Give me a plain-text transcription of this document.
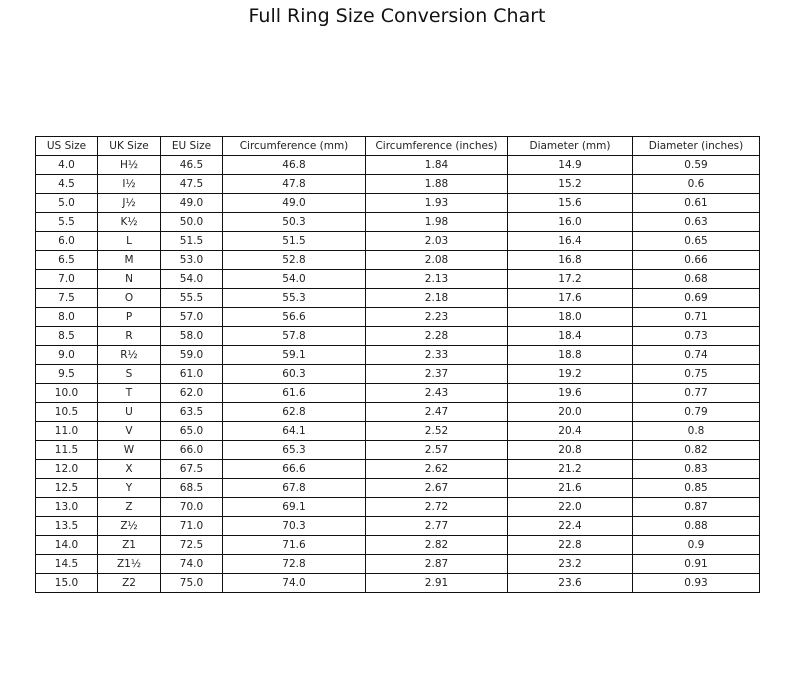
Full Ring Size Conversion Chart
US Size	UK Size	EU Size	Circumference (mm)	Circumference (inches)	Diameter (mm)	Diameter (inches)
4.0	H½	46.5	46.8	1.84	14.9	0.59
4.5	I½	47.5	47.8	1.88	15.2	0.6
5.0	J½	49.0	49.0	1.93	15.6	0.61
5.5	K½	50.0	50.3	1.98	16.0	0.63
6.0	L	51.5	51.5	2.03	16.4	0.65
6.5	M	53.0	52.8	2.08	16.8	0.66
7.0	N	54.0	54.0	2.13	17.2	0.68
7.5	O	55.5	55.3	2.18	17.6	0.69
8.0	P	57.0	56.6	2.23	18.0	0.71
8.5	R	58.0	57.8	2.28	18.4	0.73
9.0	R½	59.0	59.1	2.33	18.8	0.74
9.5	S	61.0	60.3	2.37	19.2	0.75
10.0	T	62.0	61.6	2.43	19.6	0.77
10.5	U	63.5	62.8	2.47	20.0	0.79
11.0	V	65.0	64.1	2.52	20.4	0.8
11.5	W	66.0	65.3	2.57	20.8	0.82
12.0	X	67.5	66.6	2.62	21.2	0.83
12.5	Y	68.5	67.8	2.67	21.6	0.85
13.0	Z	70.0	69.1	2.72	22.0	0.87
13.5	Z½	71.0	70.3	2.77	22.4	0.88
14.0	Z1	72.5	71.6	2.82	22.8	0.9
14.5	Z1½	74.0	72.8	2.87	23.2	0.91
15.0	Z2	75.0	74.0	2.91	23.6	0.93
